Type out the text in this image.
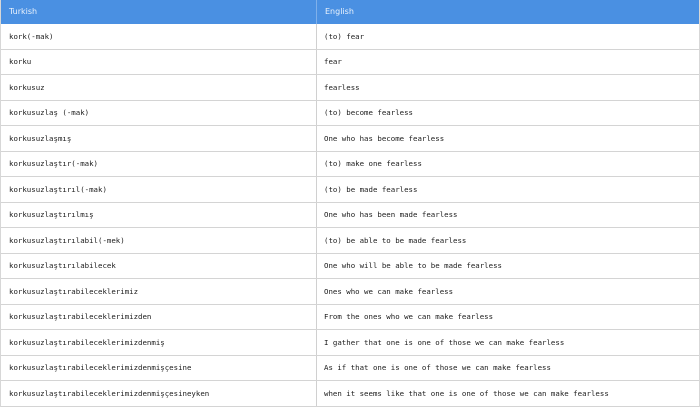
Turkish	English
kork(-mak)	(to) fear
korku	fear
korkusuz	fearless
korkusuzlaş (-mak)	(to) become fearless
korkusuzlaşmış	One who has become fearless
korkusuzlaştır(-mak)	(to) make one fearless
korkusuzlaştırıl(-mak)	(to) be made fearless
korkusuzlaştırılmış	One who has been made fearless
korkusuzlaştırılabil(-mek)	(to) be able to be made fearless
korkusuzlaştırılabilecek	One who will be able to be made fearless
korkusuzlaştırabileceklerimiz	Ones who we can make fearless
korkusuzlaştırabileceklerimizden	From the ones who we can make fearless
korkusuzlaştırabileceklerimizdenmiş	I gather that one is one of those we can make fearless
korkusuzlaştırabileceklerimizdenmişçesine	As if that one is one of those we can make fearless
korkusuzlaştırabileceklerimizdenmişçesineyken	when it seems like that one is one of those we can make fearless
